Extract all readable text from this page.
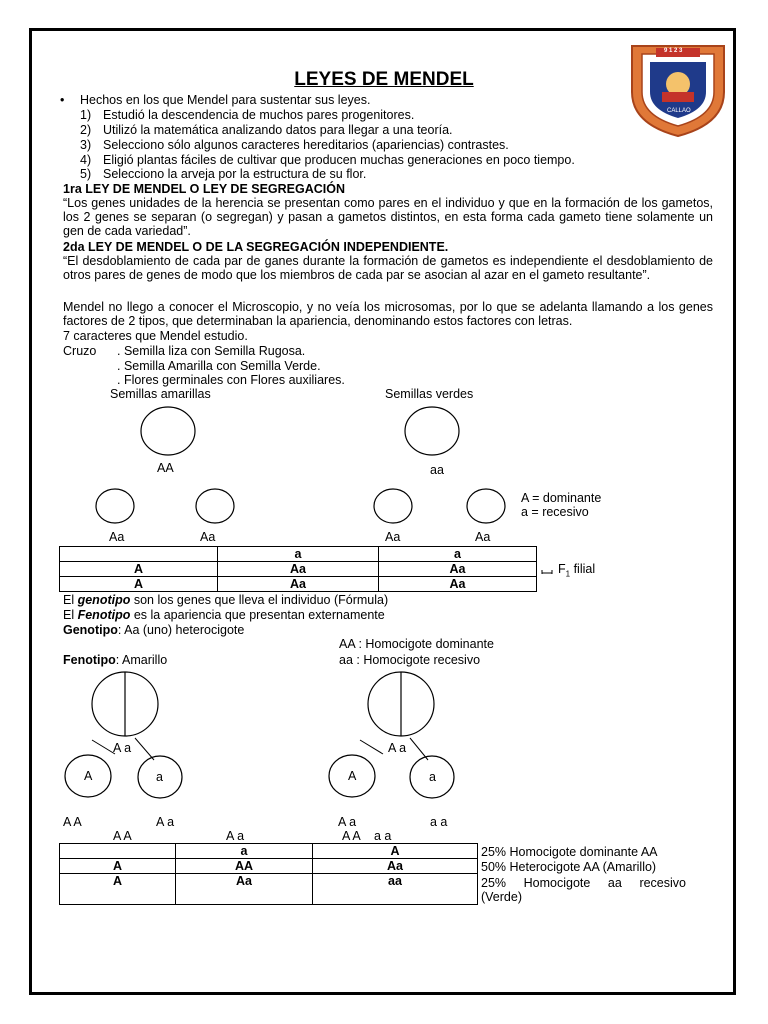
9 1 2 3
CALLAO
LEYES DE MENDEL
• Hechos en los que Mendel para sustentar sus leyes.
1) Estudió la descendencia de muchos pares progenitores.
2) Utilizó la matemática analizando datos para llegar a una teoría.
3) Selecciono sólo algunos caracteres hereditarios (apariencias) contrastes.
4) Eligió plantas fáciles de cultivar que producen muchas generaciones en poco tiempo.
5) Selecciono la arveja por la estructura de su flor.
1ra LEY DE MENDEL O LEY DE SEGREGACIÓN
“Los genes unidades de la herencia se presentan como pares en el individuo y que en la formación de los gametos, los 2 genes se separan (o segregan) y pasan a gametos distintos, en esta forma cada gameto tiene solamente un gen de cada variedad”.
2da LEY DE MENDEL O DE LA SEGREGACIÓN INDEPENDIENTE.
“El desdoblamiento de cada par de ganes durante la formación de gametos es independiente el desdoblamiento de otros pares de genes de modo que los miembros de cada par se asocian al azar en el gameto resultante”.
Mendel no llego a conocer el Microscopio, y no veía los microsomas, por lo que se adelanta llamando a los genes factores de 2 tipos, que determinaban la apariencia, denominando estos factores con letras.
7 caracteres que Mendel estudio.
Cruzo . Semilla liza con Semilla Rugosa.
. Semilla Amarilla con Semilla Verde.
. Flores germinales con Flores auxiliares.
Semillas amarillas	Semillas verdes
AA	aa
A = dominante
a = recesivo
Aa	Aa	Aa	Aa
	a	a
A	Aa	Aa
A	Aa	Aa
$F_1$ filial
El genotipo son los genes que lleva el individuo (Fórmula)
El Fenotipo es la apariencia que presentan externamente
Genotipo: Aa (uno) heterocigote
AA : Homocigote dominante
Fenotipo: Amarillo	aa : Homocigote recesivo
A a	A a
A	a	A	a
A A	A a	A a	a a
A A	A a	A A    a a
	a	A
A	AA	Aa
A	Aa	aa
25% Homocigote dominante AA
50% Heterocigote AA (Amarillo)
25%   Homocigote   aa   recesivo (Verde)
